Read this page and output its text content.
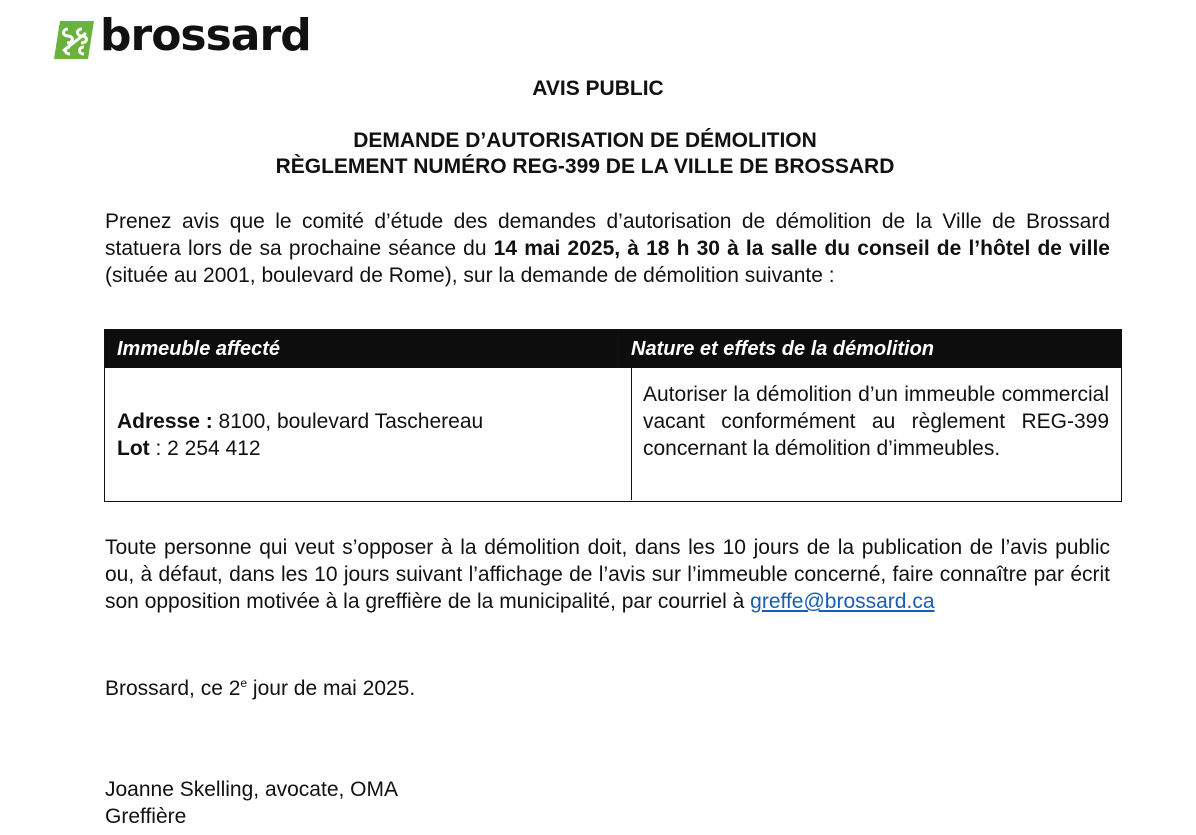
brossard
AVIS PUBLIC
DEMANDE D’AUTORISATION DE DÉMOLITION
RÈGLEMENT NUMÉRO REG-399 DE LA VILLE DE BROSSARD
Prenez avis que le comité d’étude des demandes d’autorisation de démolition de la Ville de Brossard statuera lors de sa prochaine séance du 14 mai 2025, à 18 h 30 à la salle du conseil de l’hôtel de ville (située au 2001, boulevard de Rome), sur la demande de démolition suivante :
Immeuble affecté	Nature et effets de la démolition
Adresse : 8100, boulevard Taschereau
Lot : 2 254 412
Autoriser la démolition d’un immeuble commercial vacant conformément au règlement REG-399 concernant la démolition d’immeubles.
Toute personne qui veut s’opposer à la démolition doit, dans les 10 jours de la publication de l’avis public ou, à défaut, dans les 10 jours suivant l’affichage de l’avis sur l’immeuble concerné, faire connaître par écrit son opposition motivée à la greffière de la municipalité, par courriel à greffe@brossard.ca
Brossard, ce 2e jour de mai 2025.
Joanne Skelling, avocate, OMA
Greffière
